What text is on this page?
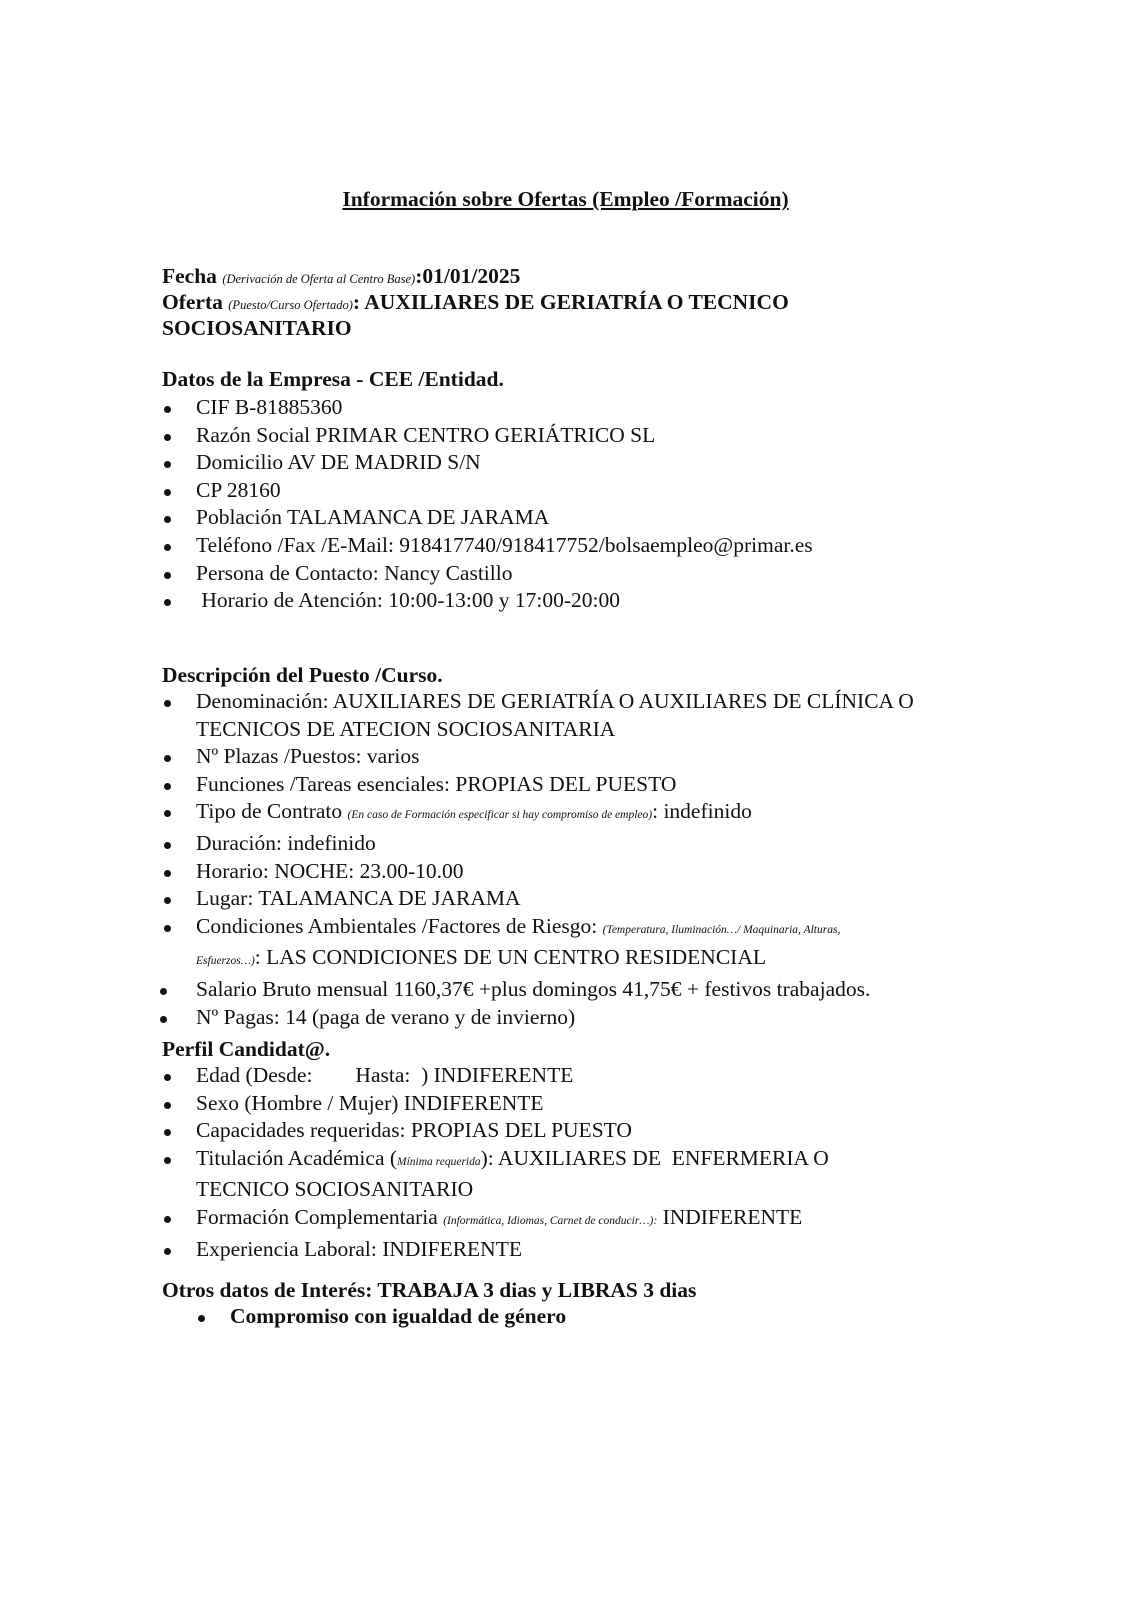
Información sobre Ofertas (Empleo /Formación)
Fecha (Derivación de Oferta al Centro Base):01/01/2025
Oferta (Puesto/Curso Ofertado): AUXILIARES DE GERIATRÍA O TECNICO
SOCIOSANITARIO
Datos de la Empresa - CEE /Entidad.
CIF B-81885360
Razón Social PRIMAR CENTRO GERIÁTRICO SL
Domicilio AV DE MADRID S/N
CP 28160
Población TALAMANCA DE JARAMA
Teléfono /Fax /E-Mail: 918417740/918417752/bolsaempleo@primar.es
Persona de Contacto: Nancy Castillo
Horario de Atención: 10:00-13:00 y 17:00-20:00
Descripción del Puesto /Curso.
Denominación: AUXILIARES DE GERIATRÍA O AUXILIARES DE CLÍNICA O
TECNICOS DE ATECION SOCIOSANITARIA
Nº Plazas /Puestos: varios
Funciones /Tareas esenciales: PROPIAS DEL PUESTO
Tipo de Contrato (En caso de Formación especificar si hay compromiso de empleo): indefinido
Duración: indefinido
Horario: NOCHE: 23.00-10.00
Lugar: TALAMANCA DE JARAMA
Condiciones Ambientales /Factores de Riesgo: (Temperatura, Iluminación…/ Maquinaria, Alturas,
Esfuerzos…): LAS CONDICIONES DE UN CENTRO RESIDENCIAL
Salario Bruto mensual 1160,37€ +plus domingos 41,75€ + festivos trabajados.
Nº Pagas: 14 (paga de verano y de invierno)
Perfil Candidat@.
Edad (Desde:        Hasta:  ) INDIFERENTE
Sexo (Hombre / Mujer) INDIFERENTE
Capacidades requeridas: PROPIAS DEL PUESTO
Titulación Académica (Mínima requerida): AUXILIARES DE  ENFERMERIA O
TECNICO SOCIOSANITARIO
Formación Complementaria (Informática, Idiomas, Carnet de conducir…): INDIFERENTE
Experiencia Laboral: INDIFERENTE
Otros datos de Interés: TRABAJA 3 dias y LIBRAS 3 dias
Compromiso con igualdad de género
